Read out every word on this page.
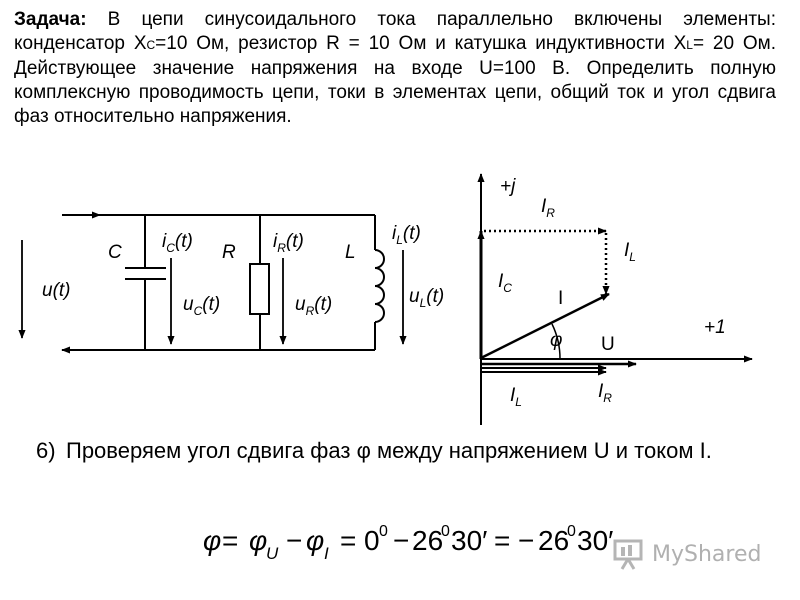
Задача: В цепи синусоидального тока параллельно включены элементы: конденсатор XC=10 Ом, резистор R = 10 Ом и катушка индуктивности XL= 20 Ом. Действующее значение напряжения на входе U=100 В. Определить полную комплексную проводимость цепи, токи в элементах цепи, общий ток и угол сдвига фаз относительно напряжения.

u(t)
C	R	L
$i_C(t)$	$i_R(t)$	$i_L(t)$
$u_C(t)$	$u_R(t)$	$u_L(t)$
+j
+1
$I_R$
$I_L$
$I_C$ I
φ U
$I_L$	$I_R$
φ = φ
U − φ I = 0 0 − 26
0 30′ = − 26
0 30′

6) Проверяем угол сдвига фаз φ между напряжением U и током I.

MyShared
